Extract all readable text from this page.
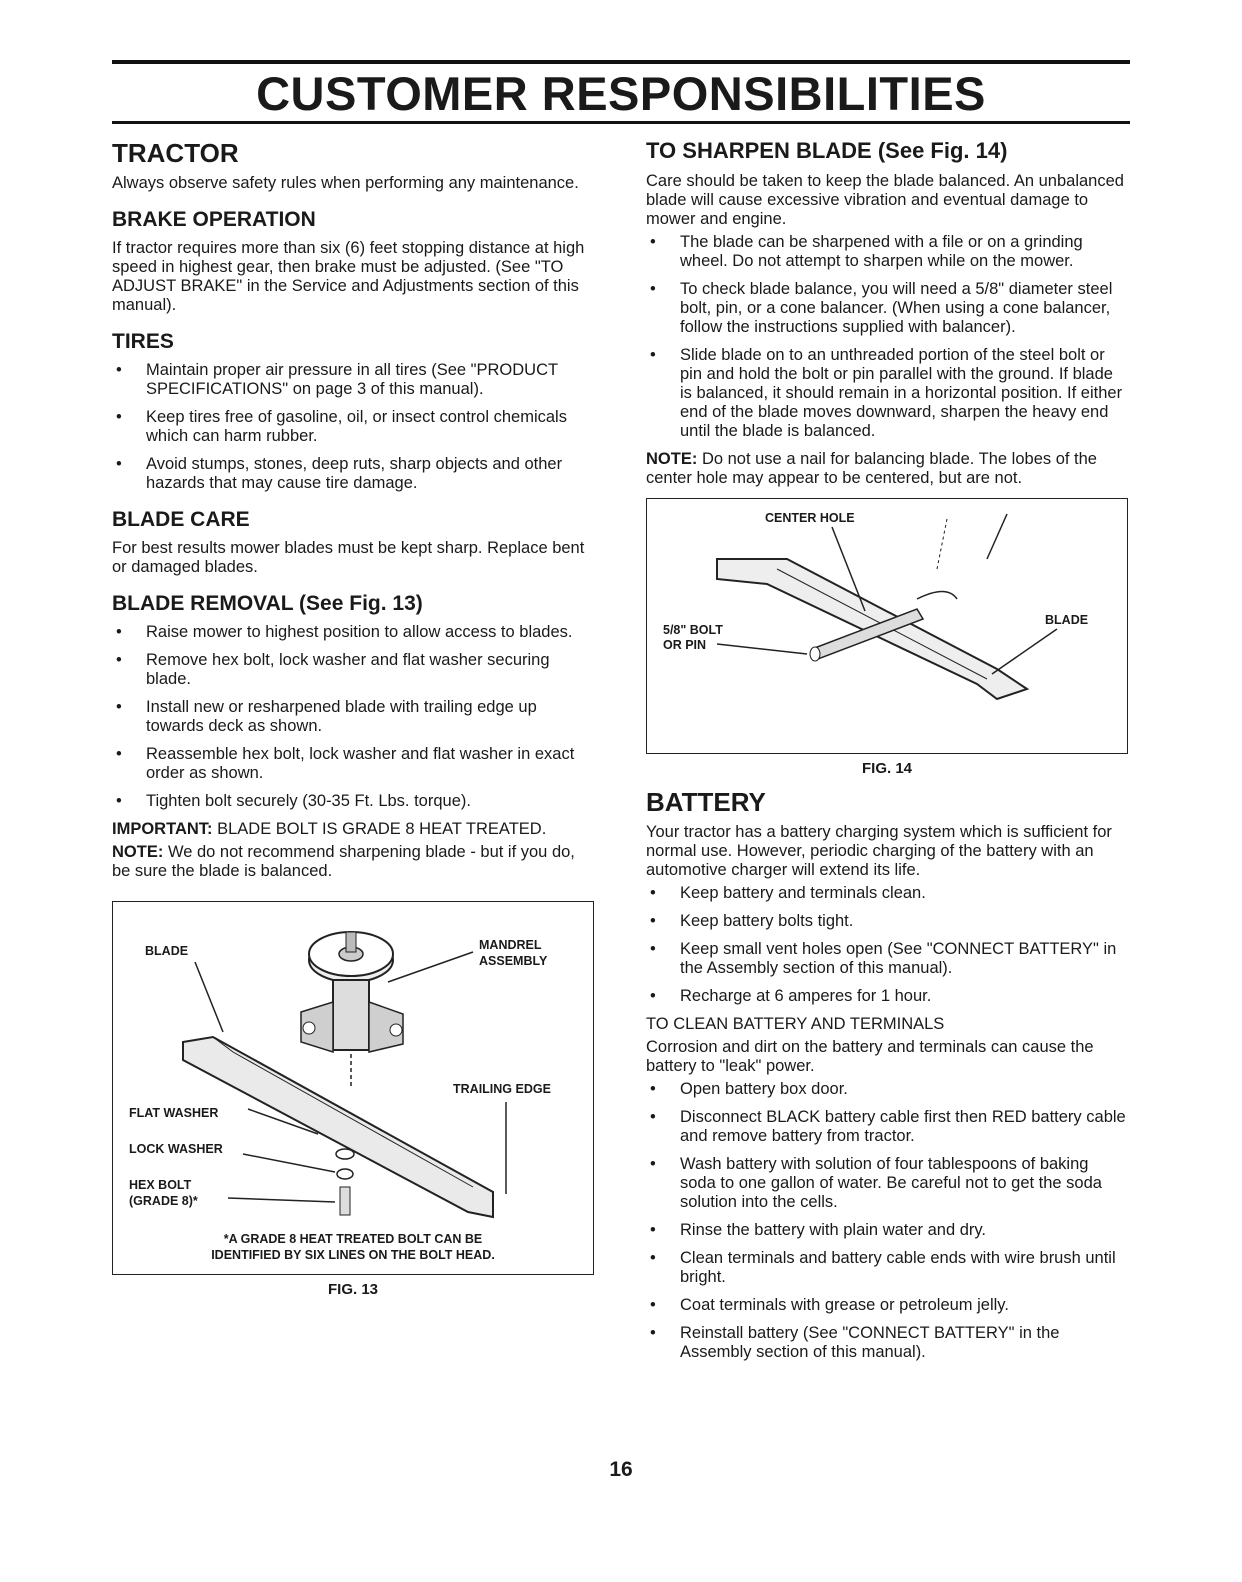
CUSTOMER RESPONSIBILITIES
TRACTOR

Always observe safety rules when performing any maintenance.

BRAKE OPERATION

If tractor requires more than six (6) feet stopping distance at high speed in highest gear, then brake must be adjusted. (See "TO ADJUST BRAKE" in the Service and Adjustments section of this manual).

TIRES
• Maintain proper air pressure in all tires (See "PRODUCT SPECIFICATIONS" on page 3 of this manual).
• Keep tires free of gasoline, oil, or insect control chemicals which can harm rubber.
• Avoid stumps, stones, deep ruts, sharp objects and other hazards that may cause tire damage.
BLADE CARE

For best results mower blades must be kept sharp. Replace bent or damaged blades.

BLADE REMOVAL (See Fig. 13)
• Raise mower to highest position to allow access to blades.
• Remove hex bolt, lock washer and flat washer securing blade.
• Install new or resharpened blade with trailing edge up towards deck as shown.
• Reassemble hex bolt, lock washer and flat washer in exact order as shown.
• Tighten bolt securely (30-35 Ft. Lbs. torque).

IMPORTANT: BLADE BOLT IS GRADE 8 HEAT TREATED.

NOTE: We do not recommend sharpening blade - but if you do, be sure the blade is balanced.

BLADE	MANDREL
ASSEMBLY
TRAILING EDGE
FLAT WASHER
LOCK WASHER
HEX BOLT
(GRADE 8)*
*A GRADE 8 HEAT TREATED BOLT CAN BE
IDENTIFIED BY SIX LINES ON THE BOLT HEAD.
FIG. 13
TO SHARPEN BLADE (See Fig. 14)

Care should be taken to keep the blade balanced. An unbalanced blade will cause excessive vibration and eventual damage to mower and engine.

• The blade can be sharpened with a file or on a grinding wheel. Do not attempt to sharpen while on the mower.
• To check blade balance, you will need a 5/8" diameter steel bolt, pin, or a cone balancer. (When using a cone balancer, follow the instructions supplied with balancer).
• Slide blade on to an unthreaded portion of the steel bolt or pin and hold the bolt or pin parallel with the ground. If blade is balanced, it should remain in a horizontal position. If either end of the blade moves downward, sharpen the heavy end until the blade is balanced.

NOTE: Do not use a nail for balancing blade. The lobes of the center hole may appear to be centered, but are not.

CENTER HOLE
5/8" BOLT
OR PIN
BLADE
FIG. 14
BATTERY

Your tractor has a battery charging system which is sufficient for normal use. However, periodic charging of the battery with an automotive charger will extend its life.

• Keep battery and terminals clean.
• Keep battery bolts tight.
• Keep small vent holes open (See "CONNECT BATTERY" in the Assembly section of this manual).
• Recharge at 6 amperes for 1 hour.

TO CLEAN BATTERY AND TERMINALS

Corrosion and dirt on the battery and terminals can cause the battery to "leak" power.

• Open battery box door.
• Disconnect BLACK battery cable first then RED battery cable and remove battery from tractor.
• Wash battery with solution of four tablespoons of baking soda to one gallon of water. Be careful not to get the soda solution into the cells.
• Rinse the battery with plain water and dry.
• Clean terminals and battery cable ends with wire brush until bright.
• Coat terminals with grease or petroleum jelly.
• Reinstall battery (See "CONNECT BATTERY" in the Assembly section of this manual).
16
